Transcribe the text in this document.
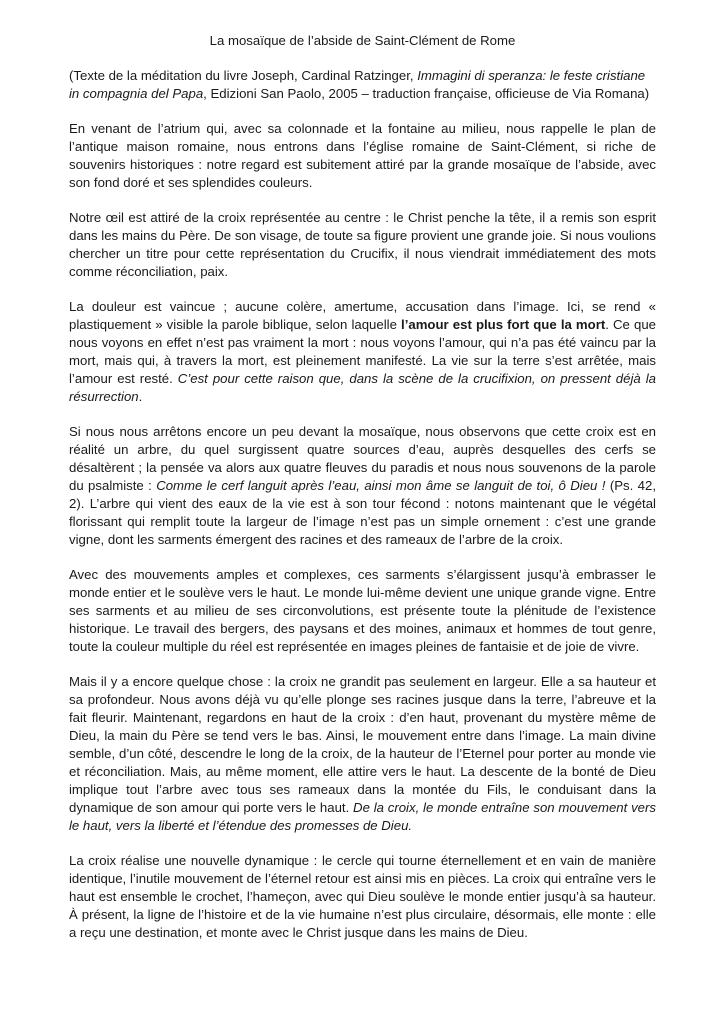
La mosaïque de l’abside de Saint-Clément de Rome

(Texte de la méditation du livre Joseph, Cardinal Ratzinger, Immagini di speranza: le feste cristiane in compagnia del Papa, Edizioni San Paolo, 2005 – traduction française, officieuse de Via Romana)

En venant de l’atrium qui, avec sa colonnade et la fontaine au milieu, nous rappelle le plan de l’antique maison romaine, nous entrons dans l’église romaine de Saint-Clément, si riche de souvenirs historiques : notre regard est subitement attiré par la grande mosaïque de l’abside, avec son fond doré et ses splendides couleurs.

Notre œil est attiré de la croix représentée au centre : le Christ penche la tête, il a remis son esprit dans les mains du Père. De son visage, de toute sa figure provient une grande joie. Si nous voulions chercher un titre pour cette représentation du Crucifix, il nous viendrait immédiatement des mots comme réconciliation, paix.

La douleur est vaincue ; aucune colère, amertume, accusation dans l’image. Ici, se rend « plastiquement » visible la parole biblique, selon laquelle l’amour est plus fort que la mort. Ce que nous voyons en effet n’est pas vraiment la mort : nous voyons l’amour, qui n’a pas été vaincu par la mort, mais qui, à travers la mort, est pleinement manifesté. La vie sur la terre s’est arrêtée, mais l’amour est resté. C’est pour cette raison que, dans la scène de la crucifixion, on pressent déjà la résurrection.

Si nous nous arrêtons encore un peu devant la mosaïque, nous observons que cette croix est en réalité un arbre, du quel surgissent quatre sources d’eau, auprès desquelles des cerfs se désaltèrent ; la pensée va alors aux quatre fleuves du paradis et nous nous souvenons de la parole du psalmiste : Comme le cerf languit après l’eau, ainsi mon âme se languit de toi, ô Dieu ! (Ps. 42, 2). L’arbre qui vient des eaux de la vie est à son tour fécond : notons maintenant que le végétal florissant qui remplit toute la largeur de l’image n’est pas un simple ornement : c’est une grande vigne, dont les sarments émergent des racines et des rameaux de l’arbre de la croix.

Avec des mouvements amples et complexes, ces sarments s’élargissent jusqu’à embrasser le monde entier et le soulève vers le haut. Le monde lui-même devient une unique grande vigne. Entre ses sarments et au milieu de ses circonvolutions, est présente toute la plénitude de l’existence historique. Le travail des bergers, des paysans et des moines, animaux et hommes de tout genre, toute la couleur multiple du réel est représentée en images pleines de fantaisie et de joie de vivre.

Mais il y a encore quelque chose : la croix ne grandit pas seulement en largeur. Elle a sa hauteur et sa profondeur. Nous avons déjà vu qu’elle plonge ses racines jusque dans la terre, l’abreuve et la fait fleurir. Maintenant, regardons en haut de la croix : d’en haut, provenant du mystère même de Dieu, la main du Père se tend vers le bas. Ainsi, le mouvement entre dans l’image. La main divine semble, d’un côté, descendre le long de la croix, de la hauteur de l’Eternel pour porter au monde vie et réconciliation. Mais, au même moment, elle attire vers le haut. La descente de la bonté de Dieu implique tout l’arbre avec tous ses rameaux dans la montée du Fils, le conduisant dans la dynamique de son amour qui porte vers le haut. De la croix, le monde entraîne son mouvement vers le haut, vers la liberté et l’étendue des promesses de Dieu.

La croix réalise une nouvelle dynamique : le cercle qui tourne éternellement et en vain de manière identique, l’inutile mouvement de l’éternel retour est ainsi mis en pièces. La croix qui entraîne vers le haut est ensemble le crochet, l’hameçon, avec qui Dieu soulève le monde entier jusqu’à sa hauteur. À présent, la ligne de l’histoire et de la vie humaine n’est plus circulaire, désormais, elle monte : elle a reçu une destination, et monte avec le Christ jusque dans les mains de Dieu.
